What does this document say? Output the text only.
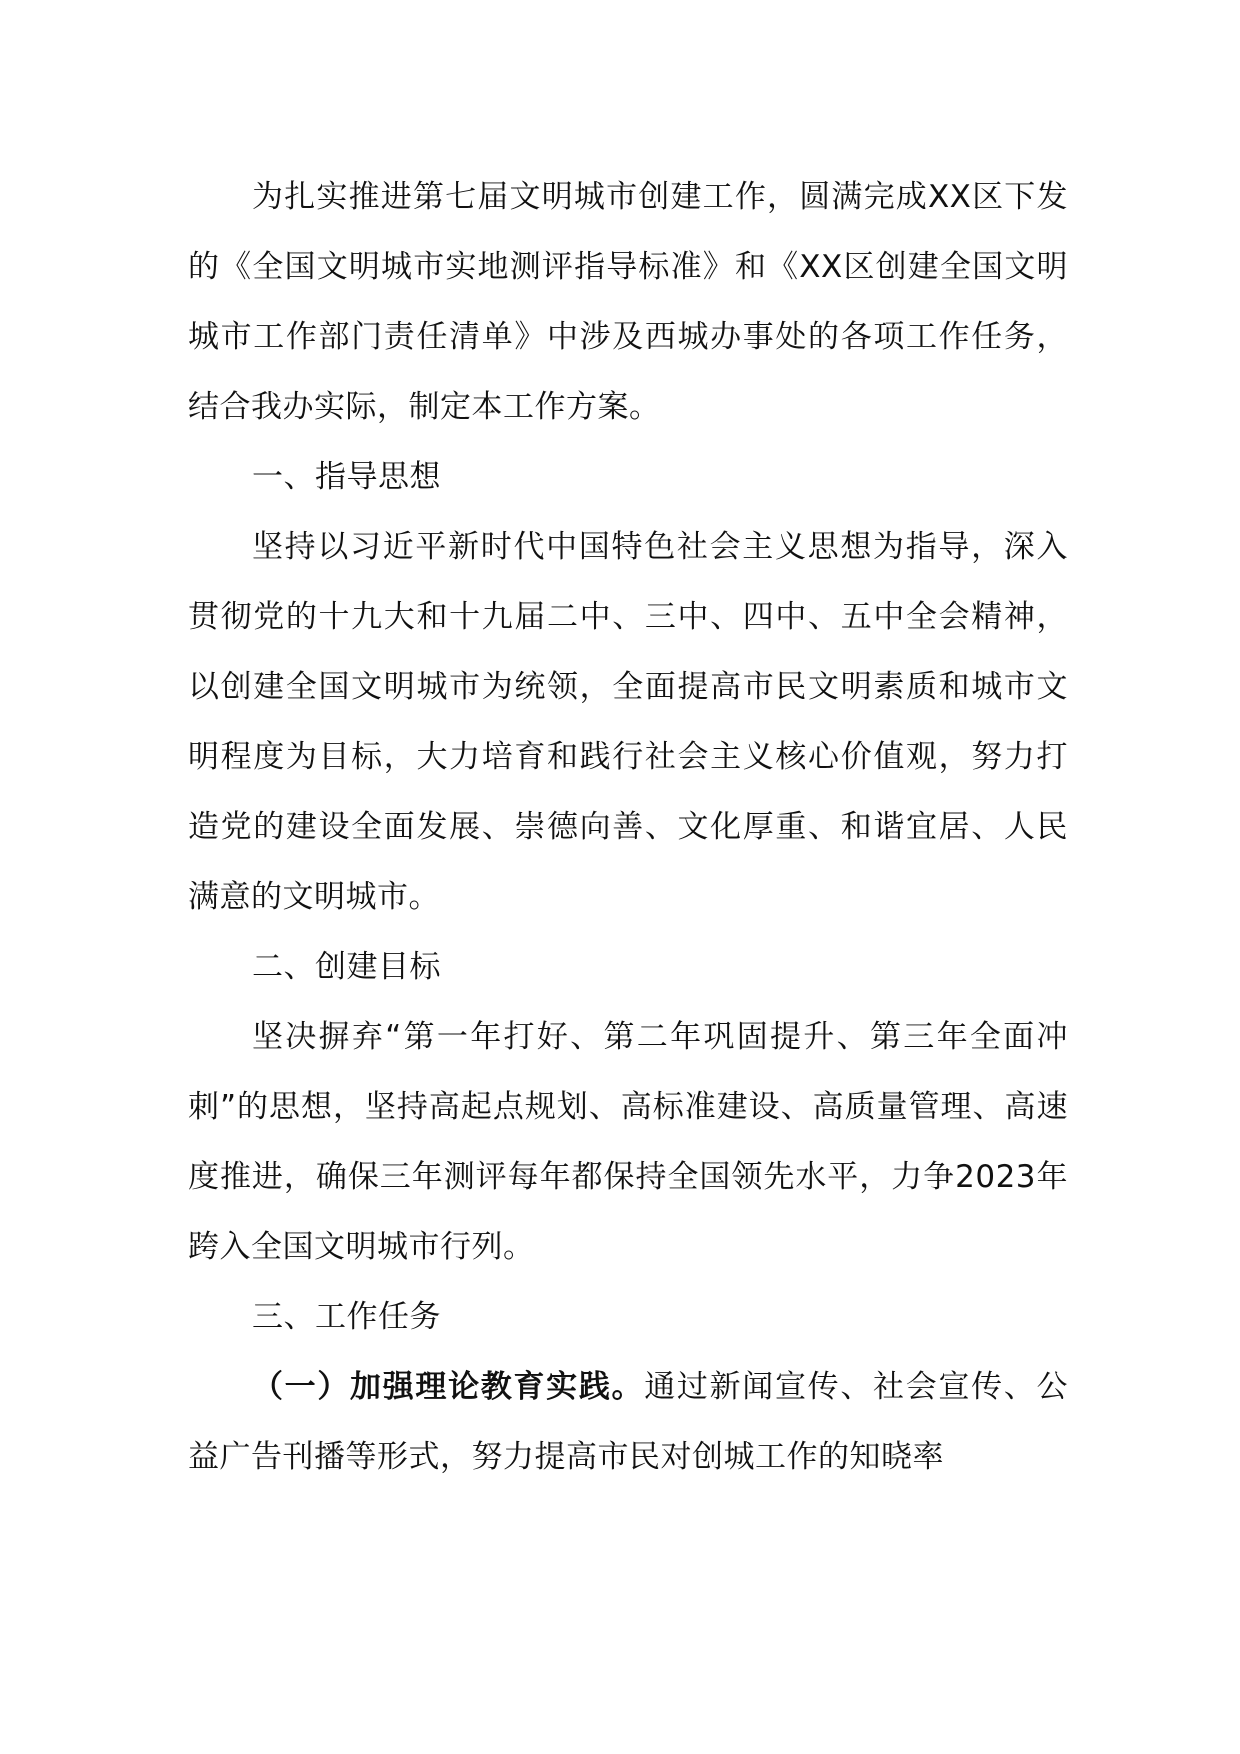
为扎实推进第七届文明城市创建工作，圆满完成XX区下发的《全国文明城市实地测评指导标准》和《XX区创建全国文明城市工作部门责任清单》中涉及西城办事处的各项工作任务，结合我办实际，制定本工作方案。

一、指导思想

坚持以习近平新时代中国特色社会主义思想为指导，深入贯彻党的十九大和十九届二中、三中、四中、五中全会精神，以创建全国文明城市为统领，全面提高市民文明素质和城市文明程度为目标，大力培育和践行社会主义核心价值观，努力打造党的建设全面发展、崇德向善、文化厚重、和谐宜居、人民满意的文明城市。

二、创建目标

坚决摒弃“第一年打好、第二年巩固提升、第三年全面冲刺”的思想，坚持高起点规划、高标准建设、高质量管理、高速度推进，确保三年测评每年都保持全国领先水平，力争2023年跨入全国文明城市行列。

三、工作任务

（一）加强理论教育实践。通过新闻宣传、社会宣传、公益广告刊播等形式，努力提高市民对创城工作的知晓率
